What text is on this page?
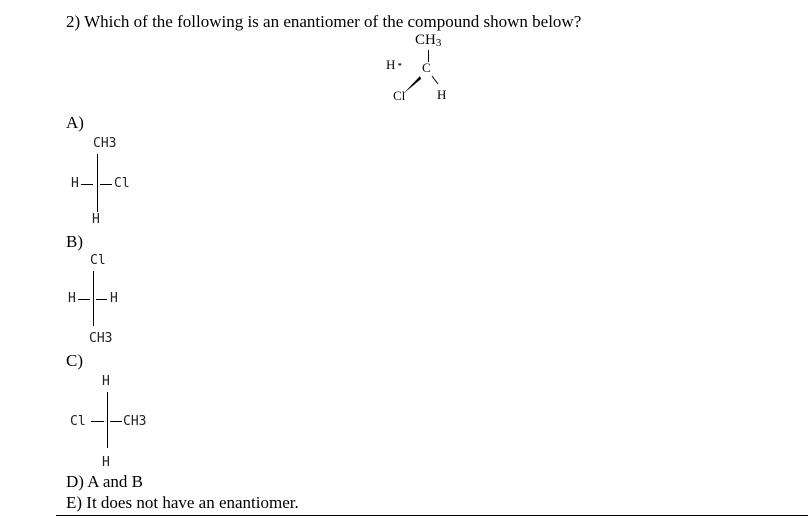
2) Which of the following is an enantiomer of the compound shown below?
$CH_3$
H '''''' C
Cl H
A)
CH3
H	Cl
H
B)
Cl
H	H
CH3
C)
H
Cl	CH3
H
D) A and B
E) It does not have an enantiomer.
